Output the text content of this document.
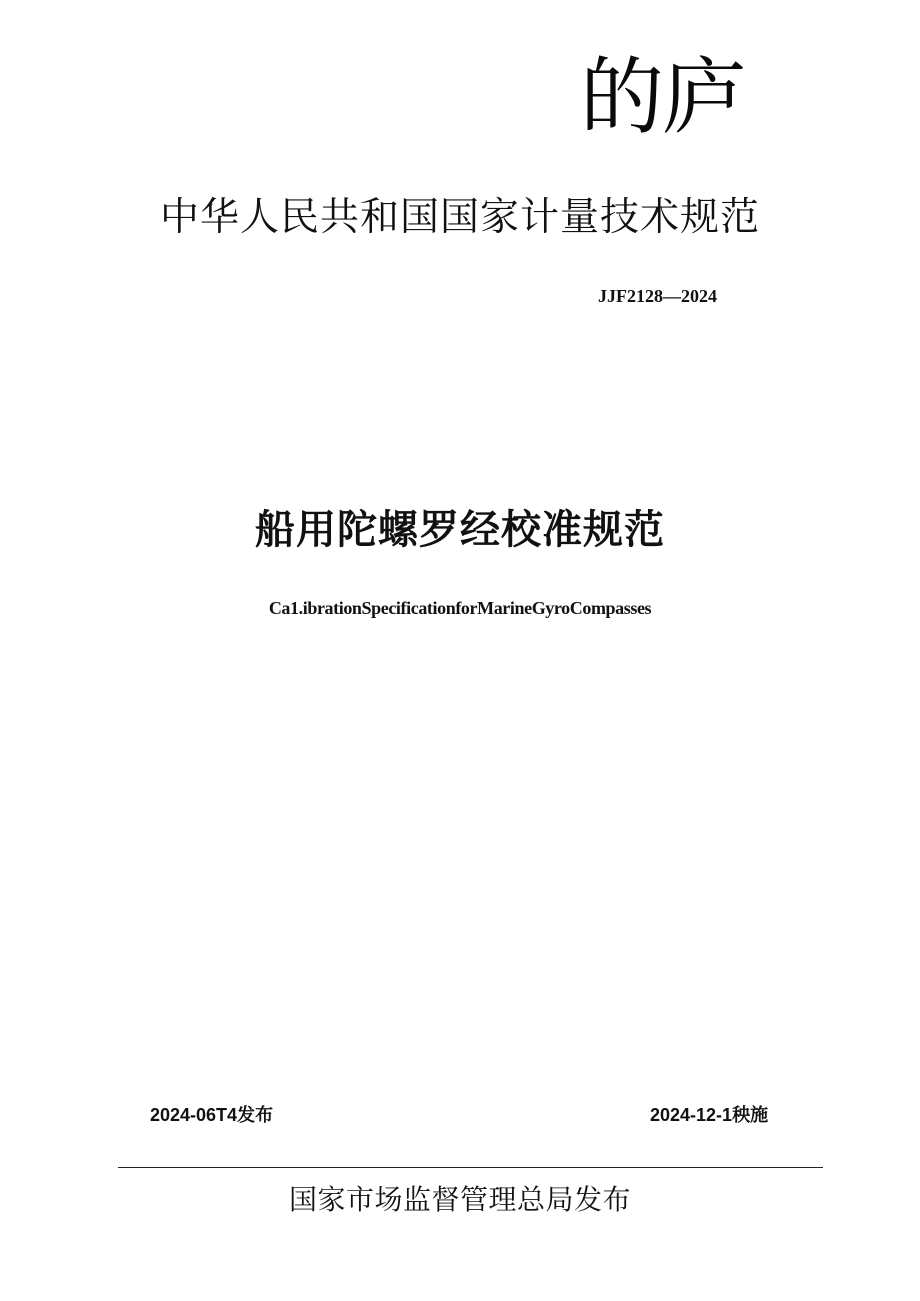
的庐
中华人民共和国国家计量技术规范
JJF2128—2024
船用陀螺罗经校准规范
Ca1.ibrationSpecificationforMarineGyroCompasses
2024-06T4发布	2024-12-1秧施
国家市场监督管理总局发布
